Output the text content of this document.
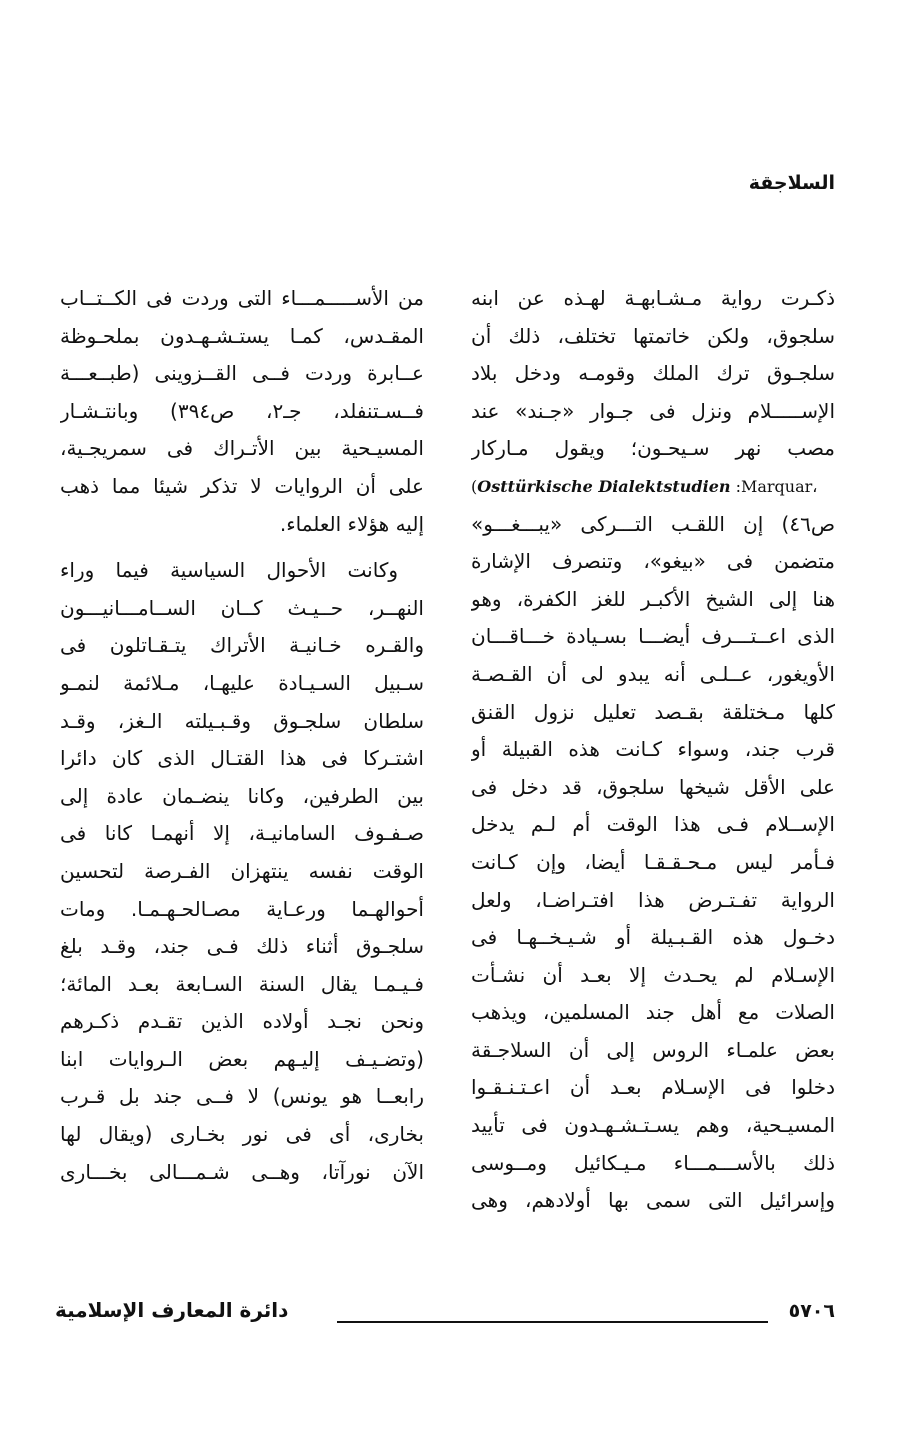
السلاجقة

ذكـرت رواية مـشـابهـة لهـذه عن ابنه

سلجوق، ولكن خاتمتها تختلف، ذلك أن

سلجـوق ترك الملك وقومـه ودخل بلاد

الإســـــلام ونزل فى جـوار «جـند» عند

مصب نهر سـيحـون؛ ويقول مـاركار

(Osttürkische Dialektstudien :Marquar،

ص٤٦) إن اللقـب التـــركى «يبـــغـــو»

متضمن فى «بيغو»، وتنصرف الإشارة

هنا إلى الشيخ الأكبـر للغز الكفرة، وهو

الذى اعــتـــرف أيضـــا بسـيادة خـــاقـــان

الأويغور، عــلـى أنه يبدو لى أن القـصـة

كلها مـختلقة بقـصد تعليل نزول القنق

قرب جند، وسواء كـانت هذه القبيلة أو

على الأقل شيخها سلجوق، قد دخل فى

الإســلام فـى هذا الوقت أم لـم يدخل

فـأمر ليس مـحـقـقـا أيضا، وإن كـانت

الرواية تفـتـرض هذا افتـراضـا، ولعل

دخـول هذه القـبـيلة أو شـيـخــهـا فى

الإسـلام لم يحـدث إلا بعـد أن نشـأت

الصلات مع أهل جند المسلمين، ويذهب

بعض علمـاء الروس إلى أن السلاجـقة

دخلوا فى الإسـلام بعـد أن اعـتـنـقـوا

المسيـحية، وهم يسـتـشـهـدون فى تأييد

ذلك بالأســـمـــاء مـيـكائيل ومــوسى

وإسرائيل التى سمى بها أولادهم، وهى

من الأســـــمـــاء التى وردت فى الكــتــاب

المقـدس، كمـا يستـشـهـدون بملحـوظة

عــابرة وردت فــى القــزوينى (طبــعـــة

فــسـتنفلد، جـ٢، ص٣٩٤) وبانتـشـار

المسيـحية بين الأتـراك فى سمريجـية،

على أن الروايات لا تذكر شيئا مما ذهب

إليه هؤلاء العلماء.

وكانت الأحوال السياسية فيما وراء

النهــر، حــيـث كــان الســامـــانيـــون

والقـره خـانيـة الأتراك يتـقـاتلون فى

سـبيل السـيـادة عليهـا، مـلائمة لنمـو

سلطان سلجـوق وقـبـيلته الـغز، وقـد

اشتـركا فى هذا القتـال الذى كان دائرا

بين الطرفين، وكانا ينضـمان عادة إلى

صـفـوف السامانيـة، إلا أنهمـا كانا فى

الوقت نفسه ينتهزان الفـرصة لتحسين

أحوالهـما ورعـاية مصـالحـهـمـا. ومات

سلجـوق أثناء ذلك فـى جند، وقـد بلغ

فـيـمـا يقال السنة السـابعة بعـد المائة؛

ونحن نجـد أولاده الذين تقـدم ذكـرهم

(وتضـيـف إليـهم بعض الـروايات ابنا

رابعــا هو يونس) لا فــى جند بل قـرب

بخارى، أى فى نور بخـارى (ويقال لها

الآن نورآتا، وهــى شـمـــالى بخـــارى

٥٧٠٦
دائرة المعارف الإسلامية
